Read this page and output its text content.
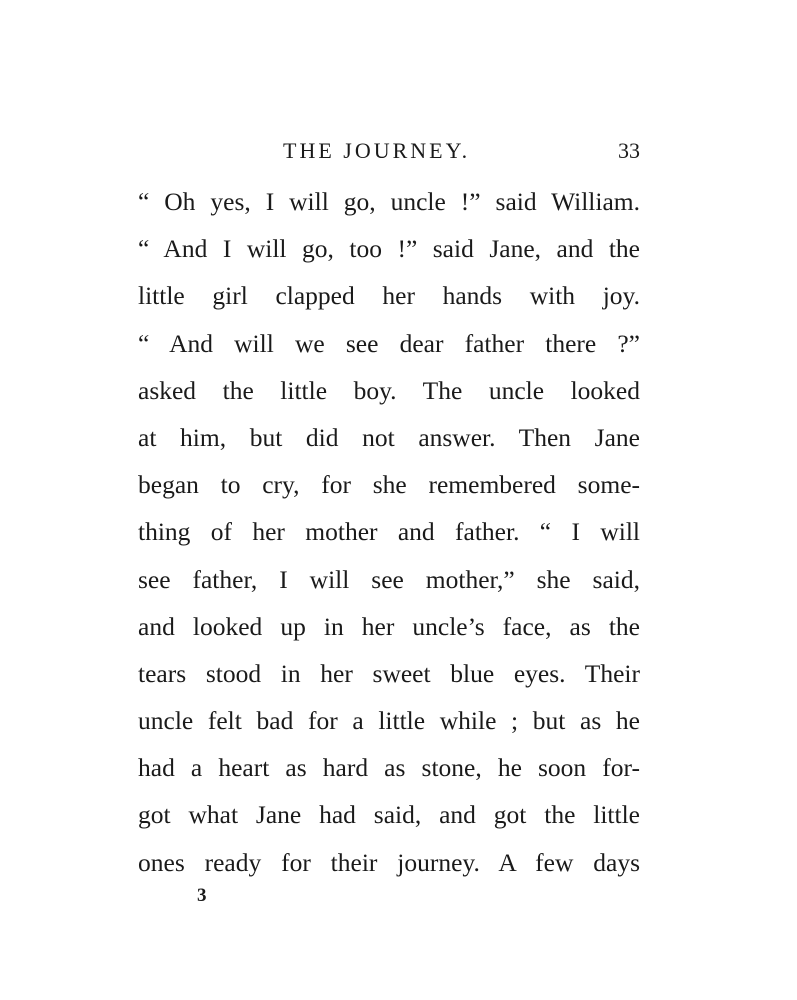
THE JOURNEY.	33
“ Oh yes, I will go, uncle !” said William.
“ And I will go, too !” said Jane, and the
little girl clapped her hands with joy.
“ And will we see dear father there ?”
asked the little boy. The uncle looked
at him, but did not answer. Then Jane
began to cry, for she remembered some-
thing of her mother and father. “ I will
see father, I will see mother,” she said,
and looked up in her uncle’s face, as the
tears stood in her sweet blue eyes. Their
uncle felt bad for a little while ; but as he
had a heart as hard as stone, he soon for-
got what Jane had said, and got the little
ones ready for their journey. A few days
3
